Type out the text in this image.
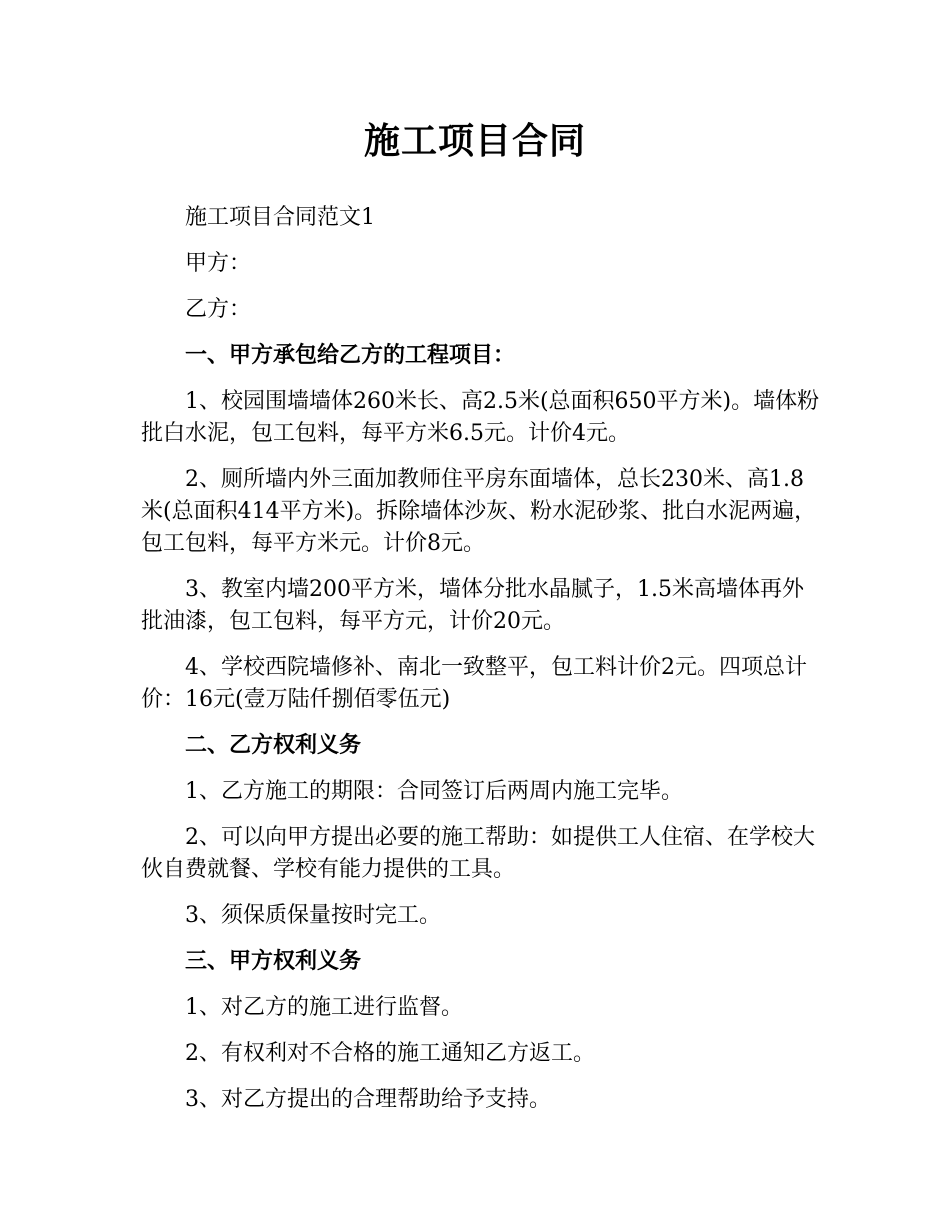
施工项目合同

施工项目合同范文1

甲方：

乙方：

一、甲方承包给乙方的工程项目：

1、校园围墙墙体260米长、高2.5米(总面积650平方米)。墙体粉批白水泥，包工包料，每平方米6.5元。计价4元。

2、厕所墙内外三面加教师住平房东面墙体，总长230米、高1.8米(总面积414平方米)。拆除墙体沙灰、粉水泥砂浆、批白水泥两遍，包工包料，每平方米元。计价8元。

3、教室内墙200平方米，墙体分批水晶腻子，1.5米高墙体再外批油漆，包工包料，每平方元，计价20元。

4、学校西院墙修补、南北一致整平，包工料计价2元。四项总计价：16元(壹万陆仟捌佰零伍元)

二、乙方权利义务

1、乙方施工的期限：合同签订后两周内施工完毕。

2、可以向甲方提出必要的施工帮助：如提供工人住宿、在学校大伙自费就餐、学校有能力提供的工具。

3、须保质保量按时完工。

三、甲方权利义务

1、对乙方的施工进行监督。

2、有权利对不合格的施工通知乙方返工。

3、对乙方提出的合理帮助给予支持。
